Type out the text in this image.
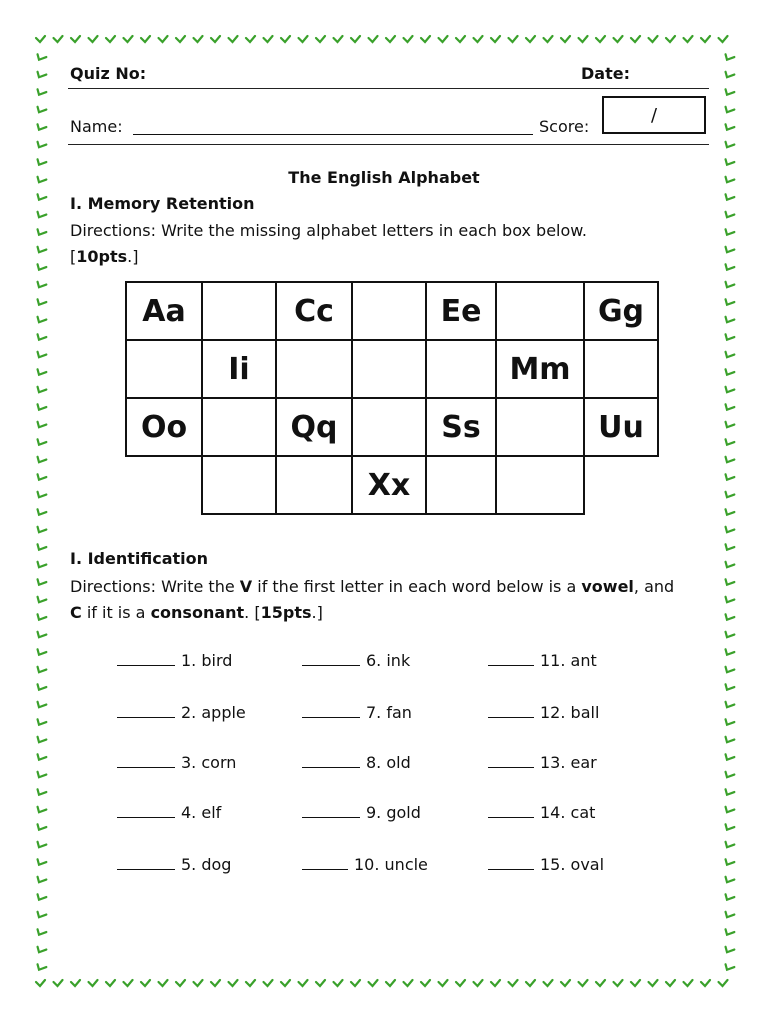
Quiz No:	Date:
Name:	Score:
/
The English Alphabet
I. Memory Retention
Directions: Write the missing alphabet letters in each box below.
[10pts.]
Aa		Cc		Ee		Gg
	Ii				Mm	
Oo		Qq		Ss		Uu
			Xx			
I. Identification
Directions: Write the V if the first letter in each word below is a vowel, and C if it is a consonant. [15pts.]
1. bird	6. ink	11. ant
2. apple	7. fan	12. ball
3. corn	8. old	13. ear
4. elf	9. gold	14. cat
5. dog	10. uncle	15. oval
